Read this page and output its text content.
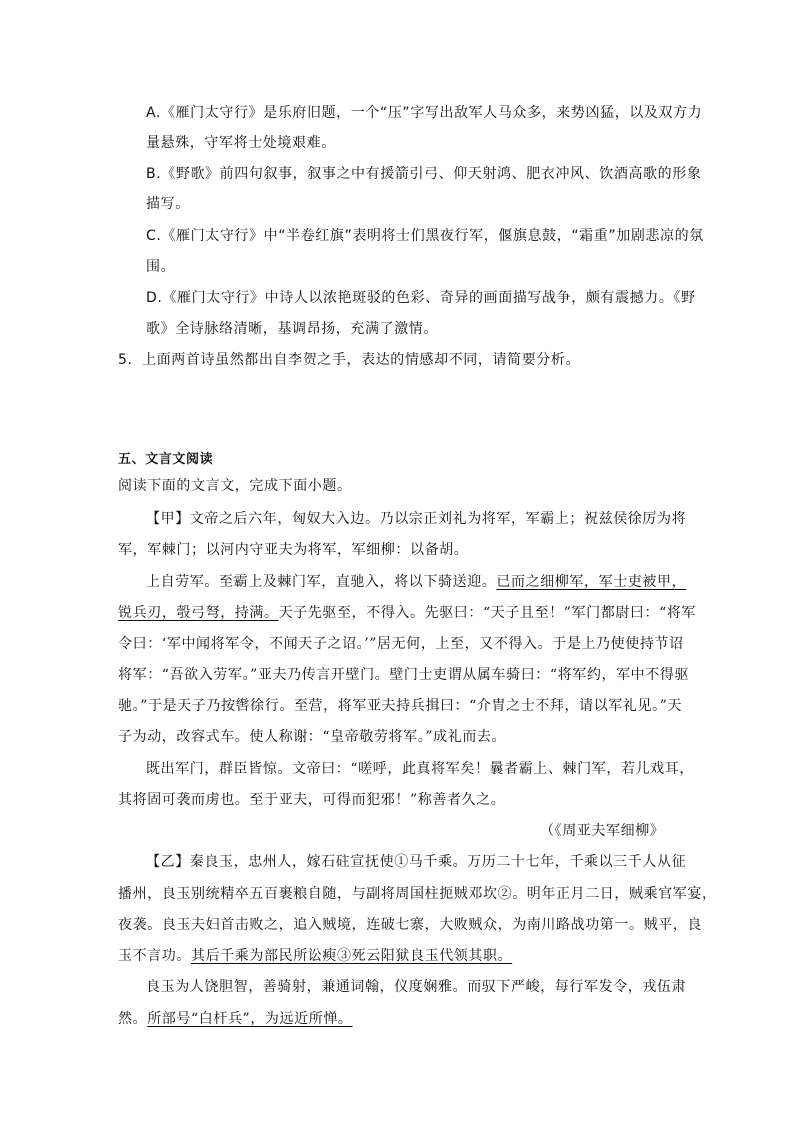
A.《雁门太守行》是乐府旧题，一个“压”字写出敌军人马众多，来势凶猛，以及双方力
量悬殊，守军将士处境艰难。
B.《野歌》前四句叙事，叙事之中有援箭引弓、仰天射鸿、肥衣冲风、饮酒高歌的形象
描写。
C.《雁门太守行》中“半卷红旗”表明将士们黑夜行军，偃旗息鼓，“霜重”加剧悲凉的氛
围。
D.《雁门太守行》中诗人以浓艳斑驳的色彩、奇异的画面描写战争，颇有震撼力。《野
歌》全诗脉络清晰，基调昂扬，充满了激情。
5．上面两首诗虽然都出自李贺之手，表达的情感却不同，请简要分析。
五、文言文阅读
阅读下面的文言文，完成下面小题。
【甲】文帝之后六年，匈奴大入边。乃以宗正刘礼为将军，军霸上；祝兹侯徐厉为将
军，军棘门；以河内守亚夫为将军，军细柳：以备胡。
上自劳军。至霸上及棘门军，直驰入，将以下骑送迎。已而之细柳军，军士吏被甲，
锐兵刃，彀弓弩，持满。天子先驱至，不得入。先驱曰：“天子且至！”军门都尉曰：“将军
令曰：‘军中闻将军令，不闻天子之诏。’”居无何，上至，又不得入。于是上乃使使持节诏
将军：“吾欲入劳军。”亚夫乃传言开壁门。壁门士吏谓从属车骑曰：“将军约，军中不得驱
驰。”于是天子乃按辔徐行。至营，将军亚夫持兵揖曰：“介胄之士不拜，请以军礼见。”天
子为动，改容式车。使人称谢：“皇帝敬劳将军。”成礼而去。
既出军门，群臣皆惊。文帝曰：“嗟呼，此真将军矣！曩者霸上、棘门军，若儿戏耳，
其将固可袭而虏也。至于亚夫，可得而犯邪！”称善者久之。
（《周亚夫军细柳》
【乙】秦良玉，忠州人，嫁石砫宣抚使①马千乘。万历二十七年，千乘以三千人从征
播州，良玉别统精卒五百裹粮自随，与副将周国柱扼贼邓坎②。明年正月二日，贼乘官军宴，
夜袭。良玉夫妇首击败之，追入贼境，连破七寨，大败贼众，为南川路战功第一。贼平，良
玉不言功。其后千乘为部民所讼瘐③死云阳狱良玉代领其职。
良玉为人饶胆智，善骑射，兼通词翰，仪度娴雅。而驭下严峻，每行军发令，戎伍肃
然。所部号“白杆兵”，为远近所惮。
